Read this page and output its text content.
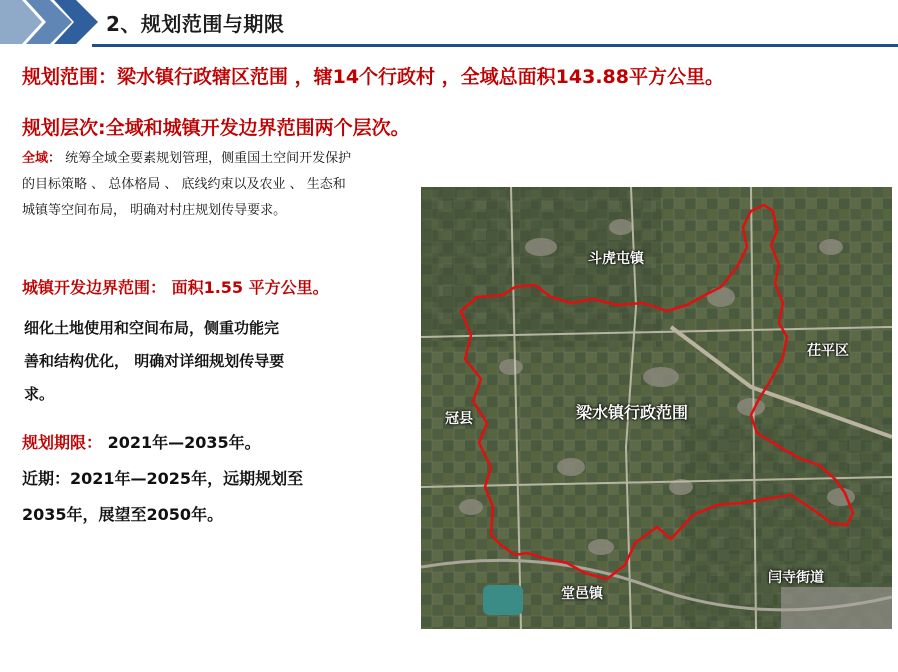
2、规划范围与期限
规划范围：梁水镇行政辖区范围 ，辖14个行政村 ，全域总面积143.88平方公里。
规划层次:全域和城镇开发边界范围两个层次。
全域： 统筹全域全要素规划管理，侧重国土空间开发保护
的目标策略 、 总体格局 、 底线约束以及农业 、 生态和
城镇等空间布局， 明确对村庄规划传导要求。
城镇开发边界范围： 面积1.55 平方公里。
细化土地使用和空间布局，侧重功能完
善和结构优化， 明确对详细规划传导要
求。
规划期限： 2021年—2035年。
近期：2021年—2025年，远期规划至
2035年，展望至2050年。
斗虎屯镇
茌平区
冠县	梁水镇行政范围
堂邑镇
闫寺街道
